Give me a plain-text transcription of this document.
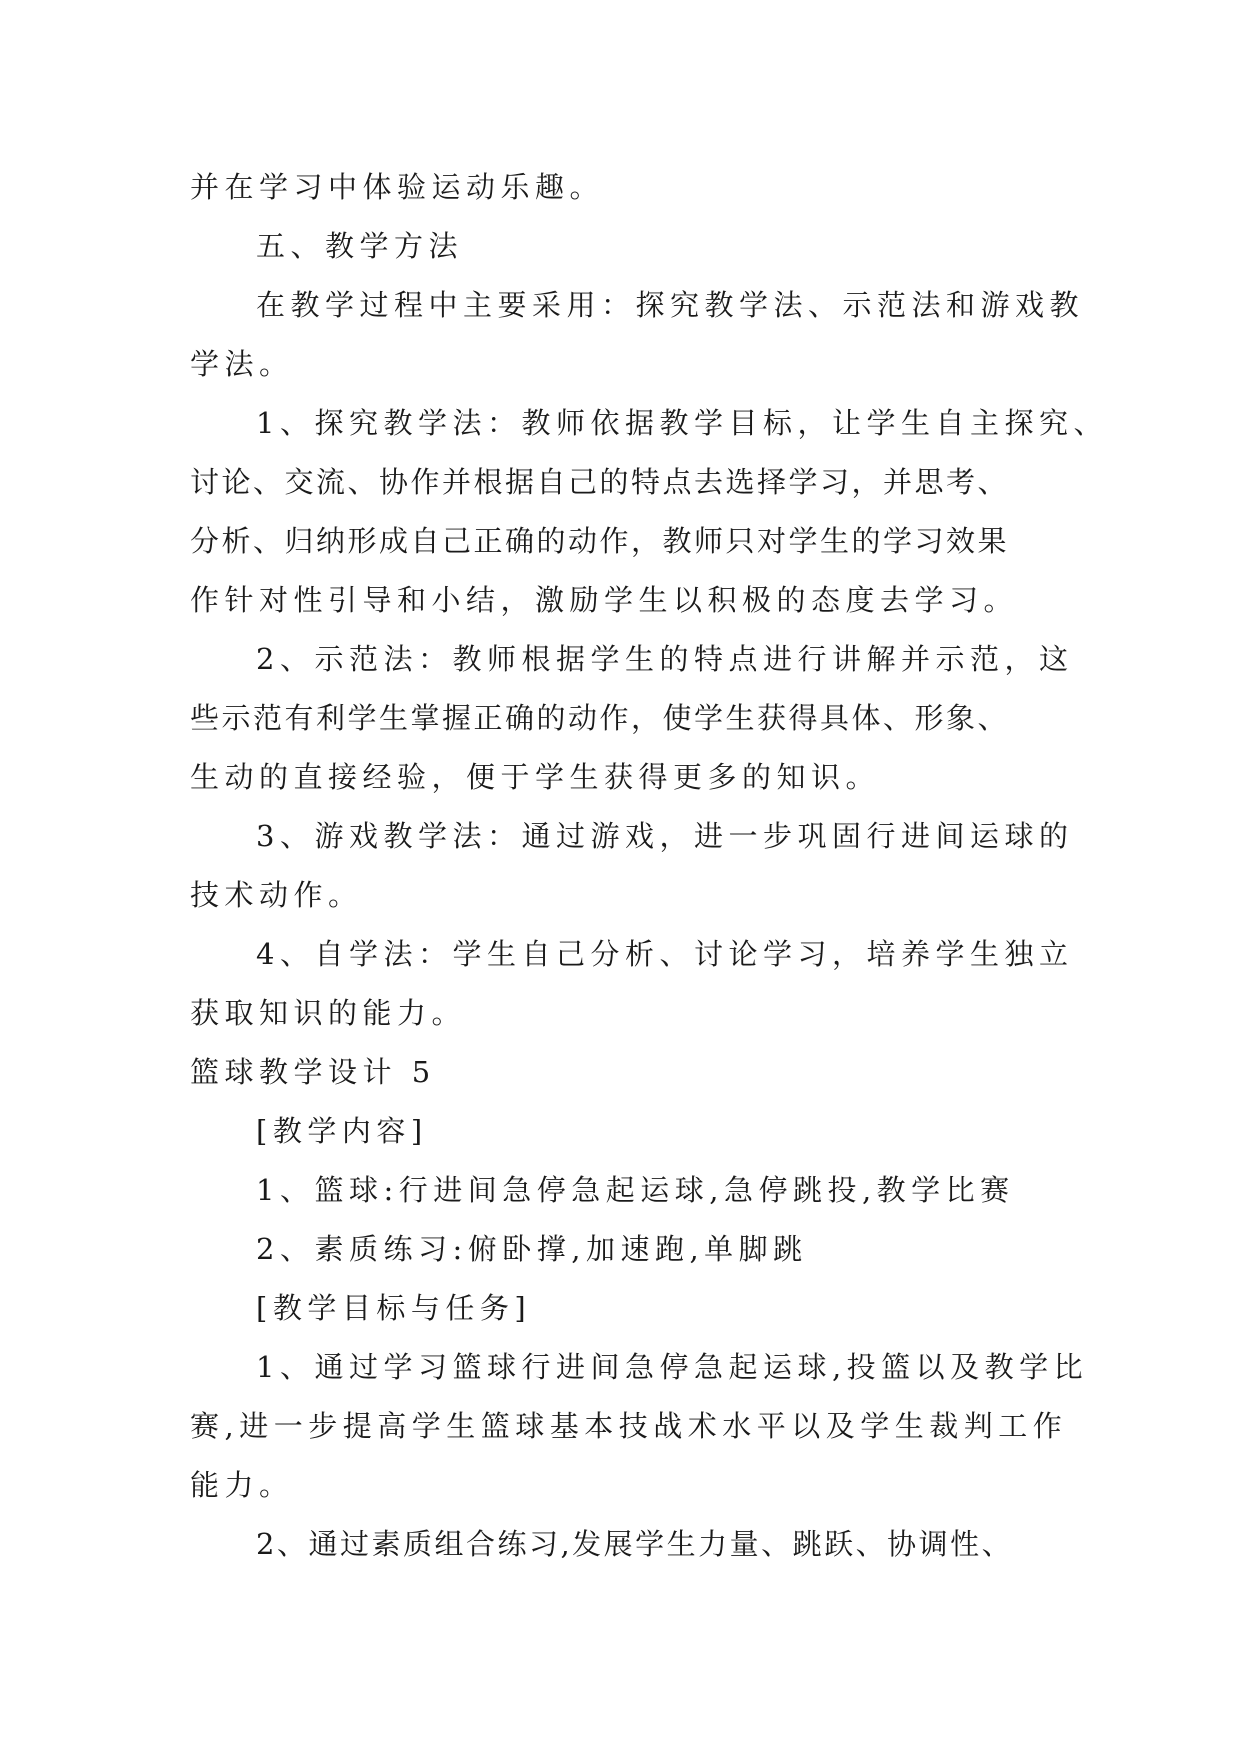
并在学习中体验运动乐趣。

五、教学方法

在教学过程中主要采用：探究教学法、示范法和游戏教

学法。

1、探究教学法：教师依据教学目标，让学生自主探究、

讨论、交流、协作并根据自己的特点去选择学习，并思考、

分析、归纳形成自己正确的动作，教师只对学生的学习效果

作针对性引导和小结，激励学生以积极的态度去学习。

2、示范法：教师根据学生的特点进行讲解并示范，这

些示范有利学生掌握正确的动作，使学生获得具体、形象、

生动的直接经验，便于学生获得更多的知识。

3、游戏教学法：通过游戏，进一步巩固行进间运球的

技术动作。

4、自学法：学生自己分析、讨论学习，培养学生独立

获取知识的能力。

篮球教学设计 5

[教学内容]

1、篮球:行进间急停急起运球,急停跳投,教学比赛

2、素质练习:俯卧撑,加速跑,单脚跳

[教学目标与任务]

1、通过学习篮球行进间急停急起运球,投篮以及教学比

赛,进一步提高学生篮球基本技战术水平以及学生裁判工作

能力。

2、通过素质组合练习,发展学生力量、跳跃、协调性、
